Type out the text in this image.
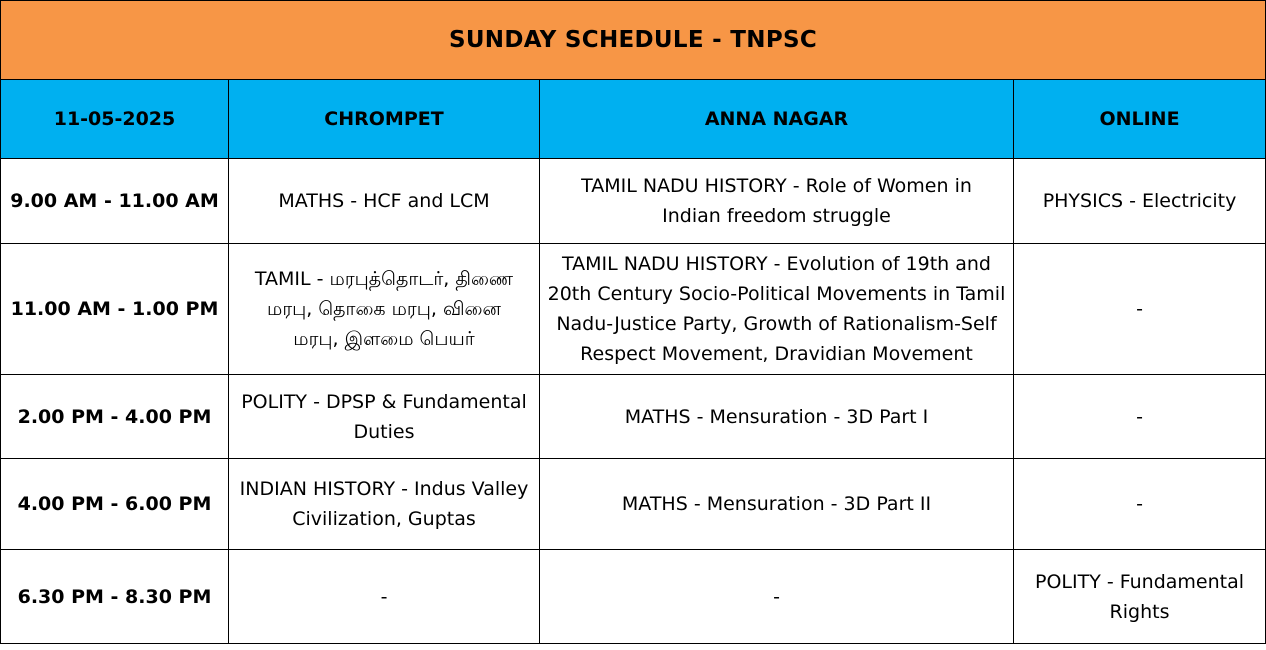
SUNDAY SCHEDULE - TNPSC			
11-05-2025	CHROMPET	ANNA NAGAR	ONLINE
9.00 AM - 11.00 AM	MATHS - HCF and LCM	TAMIL NADU HISTORY - Role of Women in Indian freedom struggle	PHYSICS - Electricity
11.00 AM - 1.00 PM	TAMIL - மரபுத்தொடர், திணை மரபு, தொகை மரபு, வினை மரபு, இளமை பெயர்	TAMIL NADU HISTORY - Evolution of 19th and 20th Century Socio-Political Movements in Tamil Nadu-Justice Party, Growth of Rationalism-Self Respect Movement, Dravidian Movement	-
2.00 PM - 4.00 PM	POLITY - DPSP & Fundamental Duties	MATHS - Mensuration - 3D Part I	-
4.00 PM - 6.00 PM	INDIAN HISTORY - Indus Valley Civilization, Guptas	MATHS - Mensuration - 3D Part II	-
6.30 PM - 8.30 PM	-	-	POLITY - Fundamental Rights
